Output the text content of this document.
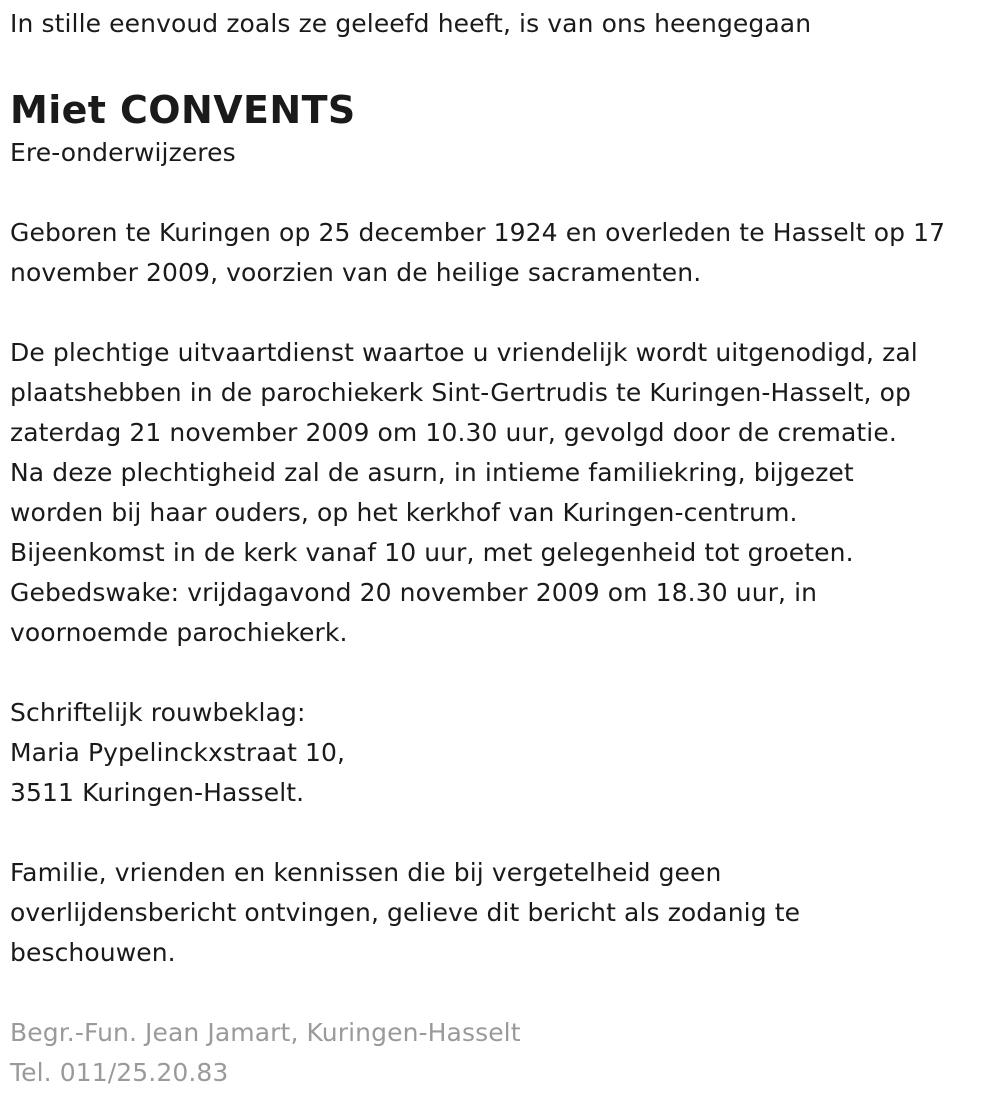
In stille eenvoud zoals ze geleefd heeft, is van ons heengegaan
Miet CONVENTS
Ere-onderwijzeres
Geboren te Kuringen op 25 december 1924 en overleden te Hasselt op 17
november 2009, voorzien van de heilige sacramenten.
De plechtige uitvaartdienst waartoe u vriendelijk wordt uitgenodigd, zal
plaatshebben in de parochiekerk Sint-Gertrudis te Kuringen-Hasselt, op
zaterdag 21 november 2009 om 10.30 uur, gevolgd door de crematie.
Na deze plechtigheid zal de asurn, in intieme familiekring, bijgezet
worden bij haar ouders, op het kerkhof van Kuringen-centrum.
Bijeenkomst in de kerk vanaf 10 uur, met gelegenheid tot groeten.
Gebedswake: vrijdagavond 20 november 2009 om 18.30 uur, in
voornoemde parochiekerk.
Schriftelijk rouwbeklag:
Maria Pypelinckxstraat 10,
3511 Kuringen-Hasselt.
Familie, vrienden en kennissen die bij vergetelheid geen
overlijdensbericht ontvingen, gelieve dit bericht als zodanig te
beschouwen.
Begr.-Fun. Jean Jamart, Kuringen-Hasselt
Tel. 011/25.20.83
